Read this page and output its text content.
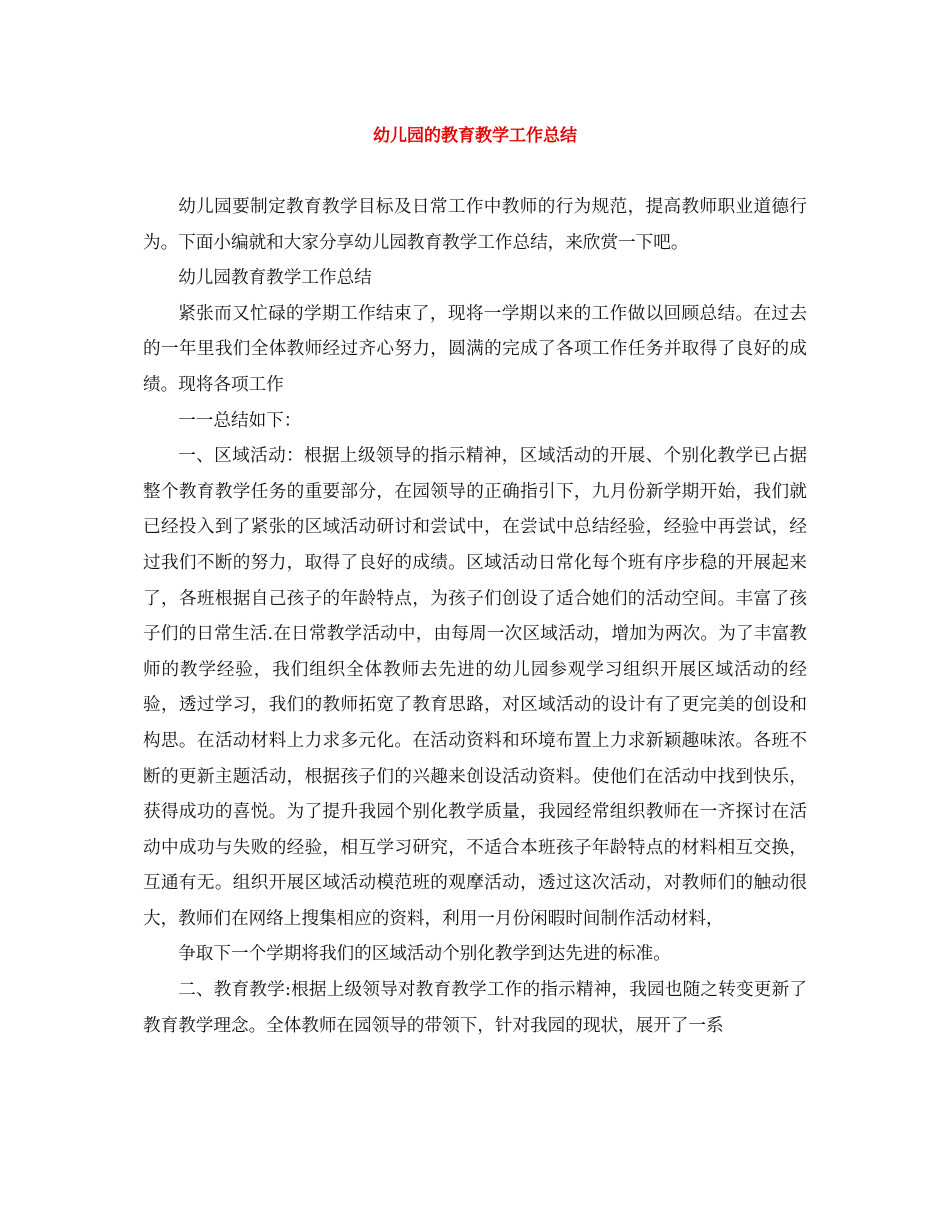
幼儿园的教育教学工作总结

幼儿园要制定教育教学目标及日常工作中教师的行为规范，提高教师职业道德行为。下面小编就和大家分享幼儿园教育教学工作总结，来欣赏一下吧。

幼儿园教育教学工作总结

紧张而又忙碌的学期工作结束了，现将一学期以来的工作做以回顾总结。在过去的一年里我们全体教师经过齐心努力，圆满的完成了各项工作任务并取得了良好的成绩。现将各项工作

一一总结如下：

一、区域活动：根据上级领导的指示精神，区域活动的开展、个别化教学已占据整个教育教学任务的重要部分，在园领导的正确指引下，九月份新学期开始，我们就已经投入到了紧张的区域活动研讨和尝试中，在尝试中总结经验，经验中再尝试，经过我们不断的努力，取得了良好的成绩。区域活动日常化每个班有序步稳的开展起来了，各班根据自己孩子的年龄特点，为孩子们创设了适合她们的活动空间。丰富了孩子们的日常生活.在日常教学活动中，由每周一次区域活动，增加为两次。为了丰富教师的教学经验，我们组织全体教师去先进的幼儿园参观学习组织开展区域活动的经验，透过学习，我们的教师拓宽了教育思路，对区域活动的设计有了更完美的创设和构思。在活动材料上力求多元化。在活动资料和环境布置上力求新颖趣味浓。各班不断的更新主题活动，根据孩子们的兴趣来创设活动资料。使他们在活动中找到快乐，获得成功的喜悦。为了提升我园个别化教学质量，我园经常组织教师在一齐探讨在活动中成功与失败的经验，相互学习研究，不适合本班孩子年龄特点的材料相互交换，互通有无。组织开展区域活动模范班的观摩活动，透过这次活动，对教师们的触动很大，教师们在网络上搜集相应的资料，利用一月份闲暇时间制作活动材料，

争取下一个学期将我们的区域活动个别化教学到达先进的标准。

二、教育教学:根据上级领导对教育教学工作的指示精神，我园也随之转变更新了教育教学理念。全体教师在园领导的带领下，针对我园的现状，展开了一系
